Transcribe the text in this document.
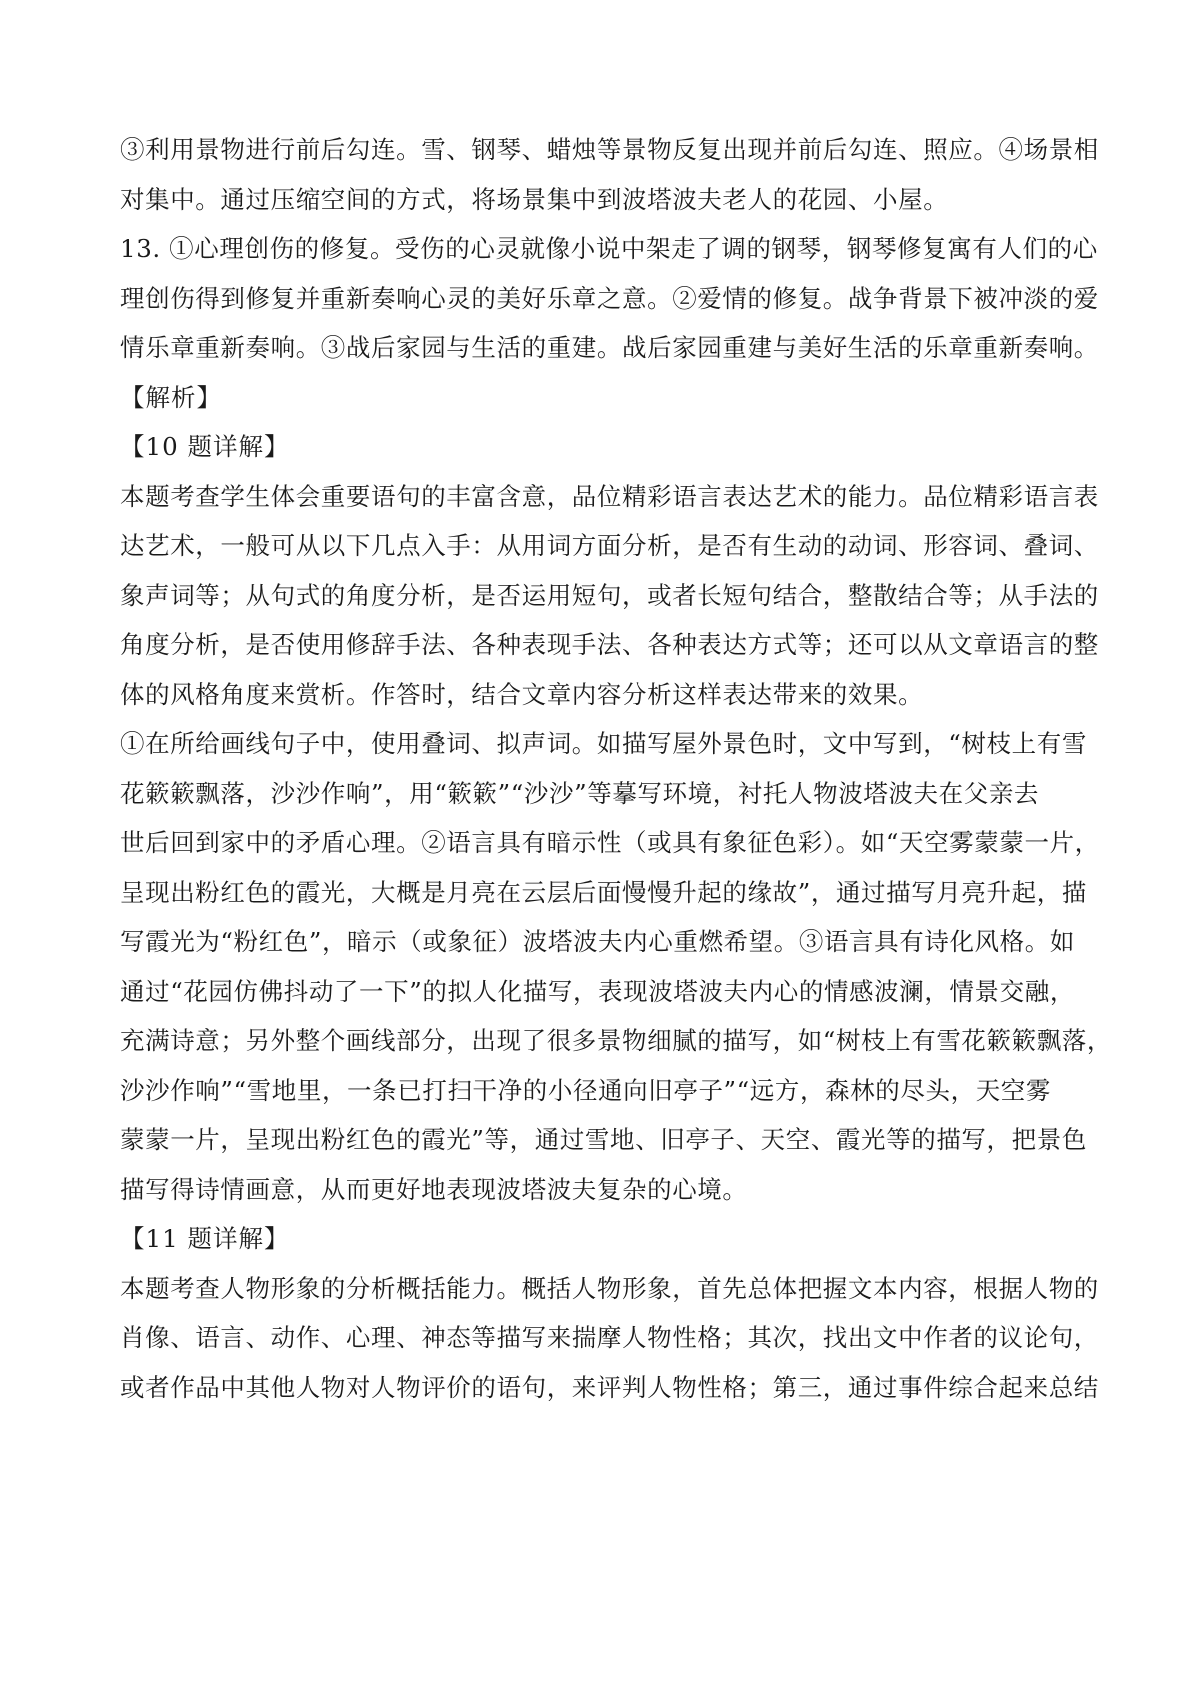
③利用景物进行前后勾连。雪、钢琴、蜡烛等景物反复出现并前后勾连、照应。④场景相

对集中。通过压缩空间的方式，将场景集中到波塔波夫老人的花园、小屋。

13. ①心理创伤的修复。受伤的心灵就像小说中架走了调的钢琴，钢琴修复寓有人们的心

理创伤得到修复并重新奏响心灵的美好乐章之意。②爱情的修复。战争背景下被冲淡的爱

情乐章重新奏响。③战后家园与生活的重建。战后家园重建与美好生活的乐章重新奏响。

【解析】

【10 题详解】

本题考查学生体会重要语句的丰富含意，品位精彩语言表达艺术的能力。品位精彩语言表

达艺术，一般可从以下几点入手：从用词方面分析，是否有生动的动词、形容词、叠词、

象声词等；从句式的角度分析，是否运用短句，或者长短句结合，整散结合等；从手法的

角度分析，是否使用修辞手法、各种表现手法、各种表达方式等；还可以从文章语言的整

体的风格角度来赏析。作答时，结合文章内容分析这样表达带来的效果。

①在所给画线句子中，使用叠词、拟声词。如描写屋外景色时，文中写到，“树枝上有雪

花簌簌飘落，沙沙作响”，用“簌簌”“沙沙”等摹写环境，衬托人物波塔波夫在父亲去

世后回到家中的矛盾心理。②语言具有暗示性（或具有象征色彩）。如“天空雾蒙蒙一片，

呈现出粉红色的霞光，大概是月亮在云层后面慢慢升起的缘故”，通过描写月亮升起，描

写霞光为“粉红色”，暗示（或象征）波塔波夫内心重燃希望。③语言具有诗化风格。如

通过“花园仿佛抖动了一下”的拟人化描写，表现波塔波夫内心的情感波澜，情景交融，

充满诗意；另外整个画线部分，出现了很多景物细腻的描写，如“树枝上有雪花簌簌飘落，

沙沙作响”“雪地里，一条已打扫干净的小径通向旧亭子”“远方，森林的尽头，天空雾

蒙蒙一片，呈现出粉红色的霞光”等，通过雪地、旧亭子、天空、霞光等的描写，把景色

描写得诗情画意，从而更好地表现波塔波夫复杂的心境。

【11 题详解】

本题考查人物形象的分析概括能力。概括人物形象，首先总体把握文本内容，根据人物的

肖像、语言、动作、心理、神态等描写来揣摩人物性格；其次，找出文中作者的议论句，

或者作品中其他人物对人物评价的语句，来评判人物性格；第三，通过事件综合起来总结
